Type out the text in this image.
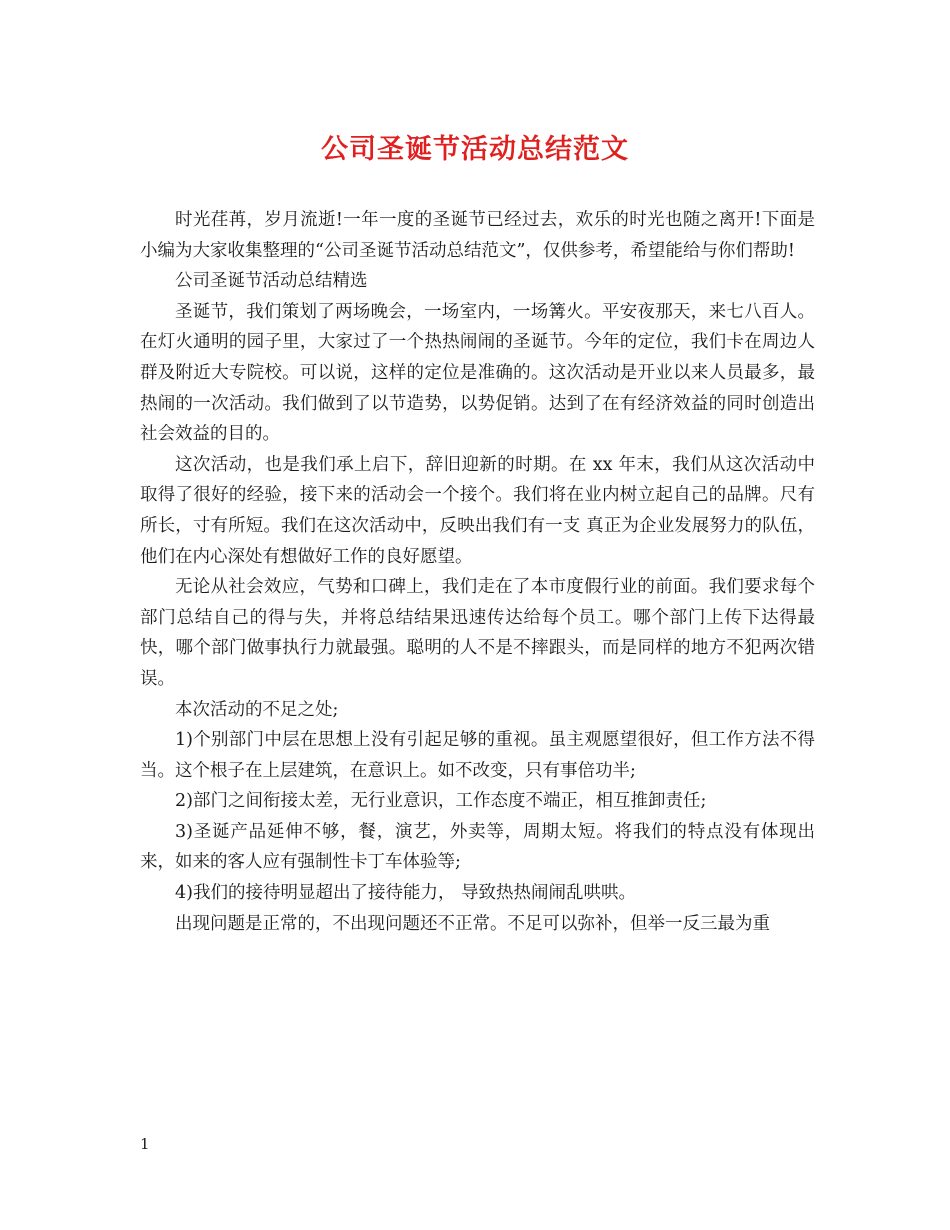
公司圣诞节活动总结范文

时光荏苒，岁月流逝!一年一度的圣诞节已经过去，欢乐的时光也随之离开!下面是小编为大家收集整理的“公司圣诞节活动总结范文”，仅供参考，希望能给与你们帮助!

公司圣诞节活动总结精选

圣诞节，我们策划了两场晚会，一场室内，一场篝火。平安夜那天，来七八百人。在灯火通明的园子里，大家过了一个热热闹闹的圣诞节。今年的定位，我们卡在周边人群及附近大专院校。可以说，这样的定位是准确的。这次活动是开业以来人员最多，最热闹的一次活动。我们做到了以节造势，以势促销。达到了在有经济效益的同时创造出社会效益的目的。

这次活动，也是我们承上启下，辞旧迎新的时期。在 xx 年末，我们从这次活动中取得了很好的经验，接下来的活动会一个接个。我们将在业内树立起自己的品牌。尺有所长，寸有所短。我们在这次活动中，反映出我们有一支 真正为企业发展努力的队伍，他们在内心深处有想做好工作的良好愿望。

无论从社会效应，气势和口碑上，我们走在了本市度假行业的前面。我们要求每个部门总结自己的得与失，并将总结结果迅速传达给每个员工。哪个部门上传下达得最快，哪个部门做事执行力就最强。聪明的人不是不摔跟头，而是同样的地方不犯两次错误。

本次活动的不足之处;

1)个别部门中层在思想上没有引起足够的重视。虽主观愿望很好，但工作方法不得当。这个根子在上层建筑，在意识上。如不改变，只有事倍功半;

2)部门之间衔接太差，无行业意识，工作态度不端正，相互推卸责任;

3)圣诞产品延伸不够，餐，演艺，外卖等，周期太短。将我们的特点没有体现出来，如来的客人应有强制性卡丁车体验等;

4)我们的接待明显超出了接待能力， 导致热热闹闹乱哄哄。

出现问题是正常的，不出现问题还不正常。不足可以弥补，但举一反三最为重

1
